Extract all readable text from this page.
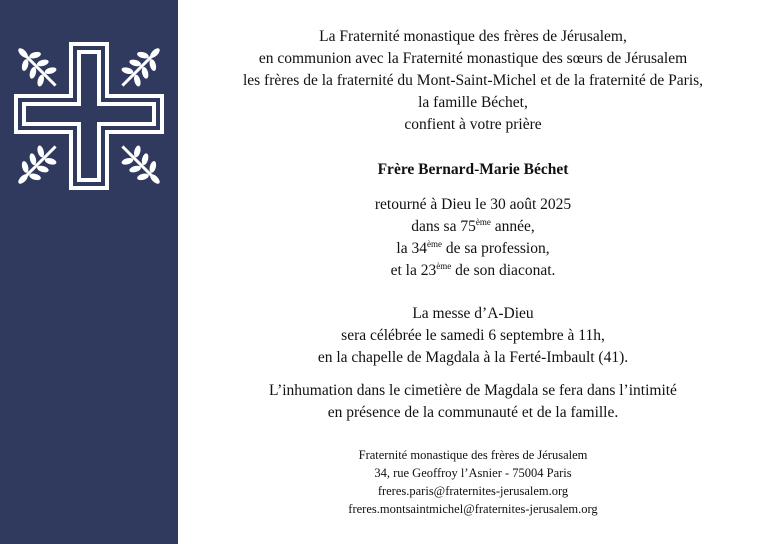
La Fraternité monastique des frères de Jérusalem,
en communion avec la Fraternité monastique des sœurs de Jérusalem
les frères de la fraternité du Mont-Saint-Michel et de la fraternité de Paris,
la famille Béchet,
confient à votre prière
Frère Bernard-Marie Béchet
retourné à Dieu le 30 août 2025
dans sa 75ème année,
la 34ème de sa profession,
et la 23ème de son diaconat.
La messe d’A-Dieu
sera célébrée le samedi 6 septembre à 11h,
en la chapelle de Magdala à la Ferté-Imbault (41).
L’inhumation dans le cimetière de Magdala se fera dans l’intimité
en présence de la communauté et de la famille.
Fraternité monastique des frères de Jérusalem
34, rue Geoffroy l’Asnier - 75004 Paris
freres.paris@fraternites-jerusalem.org
freres.montsaintmichel@fraternites-jerusalem.org
